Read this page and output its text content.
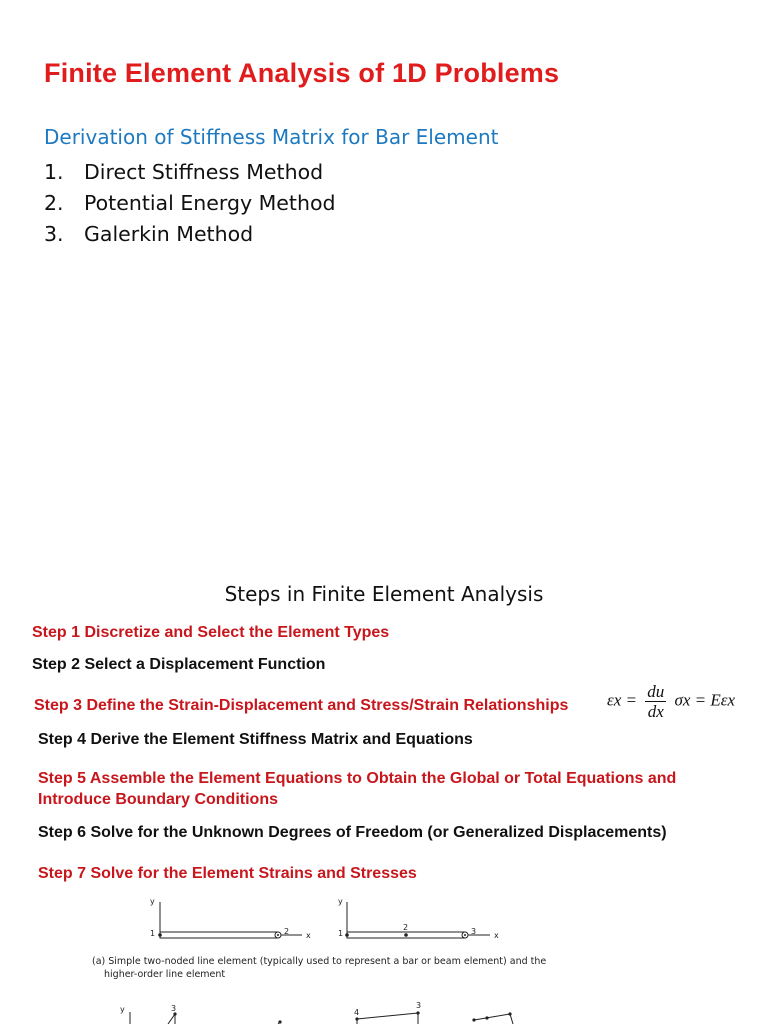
Finite Element Analysis of 1D Problems
Derivation of Stiffness Matrix for Bar Element
1. Direct Stiffness Method
2. Potential Energy Method
3. Galerkin Method
Steps in Finite Element Analysis
Step 1 Discretize and Select the Element Types
Step 2 Select a Displacement Function
Step 3 Define the Strain-Displacement and Stress/Strain Relationships $\varepsilon x = \frac{du}{dx}$ σx = Eεx
Step 4 Derive the Element Stiffness Matrix and Equations
Step 5 Assemble the Element Equations to Obtain the Global or Total Equations and
Introduce Boundary Conditions
Step 6 Solve for the Unknown Degrees of Freedom (or Generalized Displacements)
Step 7 Solve for the Element Strains and Stresses
y
1	2 x
y
1
2	3 x
y	3	4
3
(a) Simple two-noded line element (typically used to represent a bar or beam element) and the
higher-order line element
